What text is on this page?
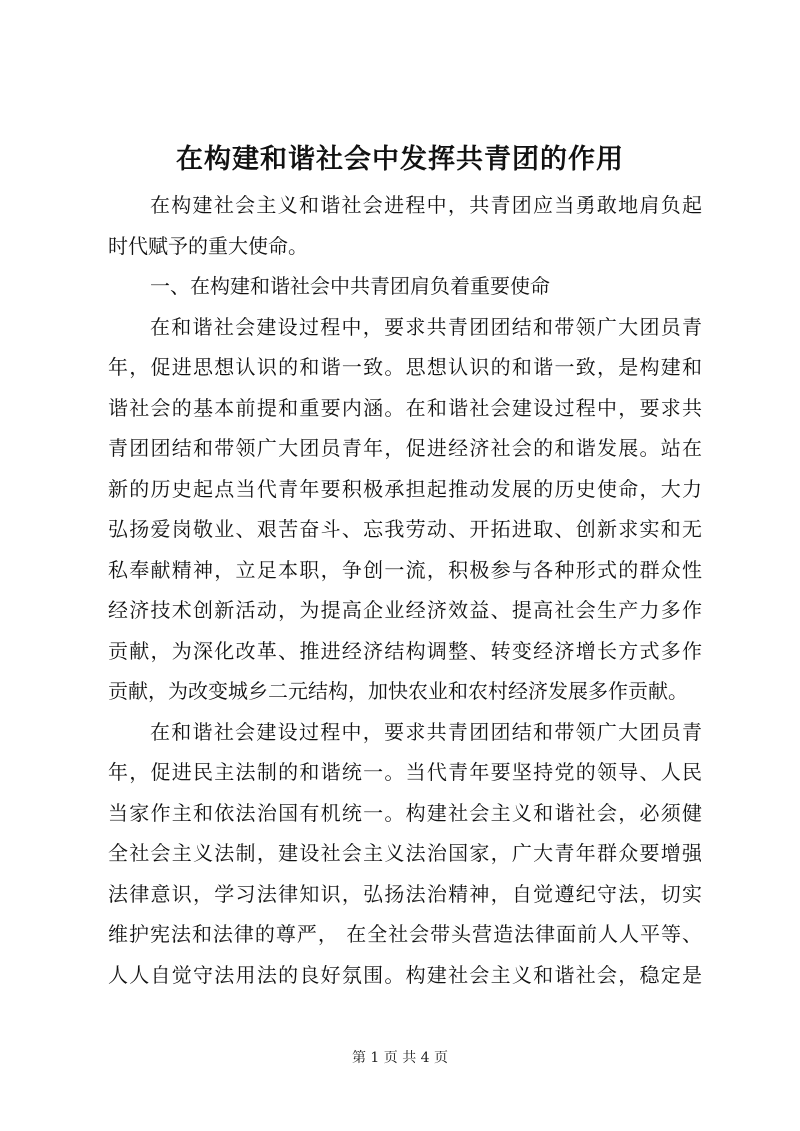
在构建和谐社会中发挥共青团的作用
在构建社会主义和谐社会进程中，共青团应当勇敢地肩负起
时代赋予的重大使命。
一、在构建和谐社会中共青团肩负着重要使命
在和谐社会建设过程中，要求共青团团结和带领广大团员青
年，促进思想认识的和谐一致。思想认识的和谐一致，是构建和
谐社会的基本前提和重要内涵。在和谐社会建设过程中，要求共
青团团结和带领广大团员青年，促进经济社会的和谐发展。站在
新的历史起点当代青年要积极承担起推动发展的历史使命，大力
弘扬爱岗敬业、艰苦奋斗、忘我劳动、开拓进取、创新求实和无
私奉献精神，立足本职，争创一流，积极参与各种形式的群众性
经济技术创新活动，为提高企业经济效益、提高社会生产力多作
贡献，为深化改革、推进经济结构调整、转变经济增长方式多作
贡献，为改变城乡二元结构，加快农业和农村经济发展多作贡献。
在和谐社会建设过程中，要求共青团团结和带领广大团员青
年，促进民主法制的和谐统一。当代青年要坚持党的领导、人民
当家作主和依法治国有机统一。构建社会主义和谐社会，必须健
全社会主义法制，建设社会主义法治国家，广大青年群众要增强
法律意识，学习法律知识，弘扬法治精神，自觉遵纪守法，切实
维护宪法和法律的尊严， 在全社会带头营造法律面前人人平等、
人人自觉守法用法的良好氛围。构建社会主义和谐社会，稳定是
第 1 页 共 4 页
